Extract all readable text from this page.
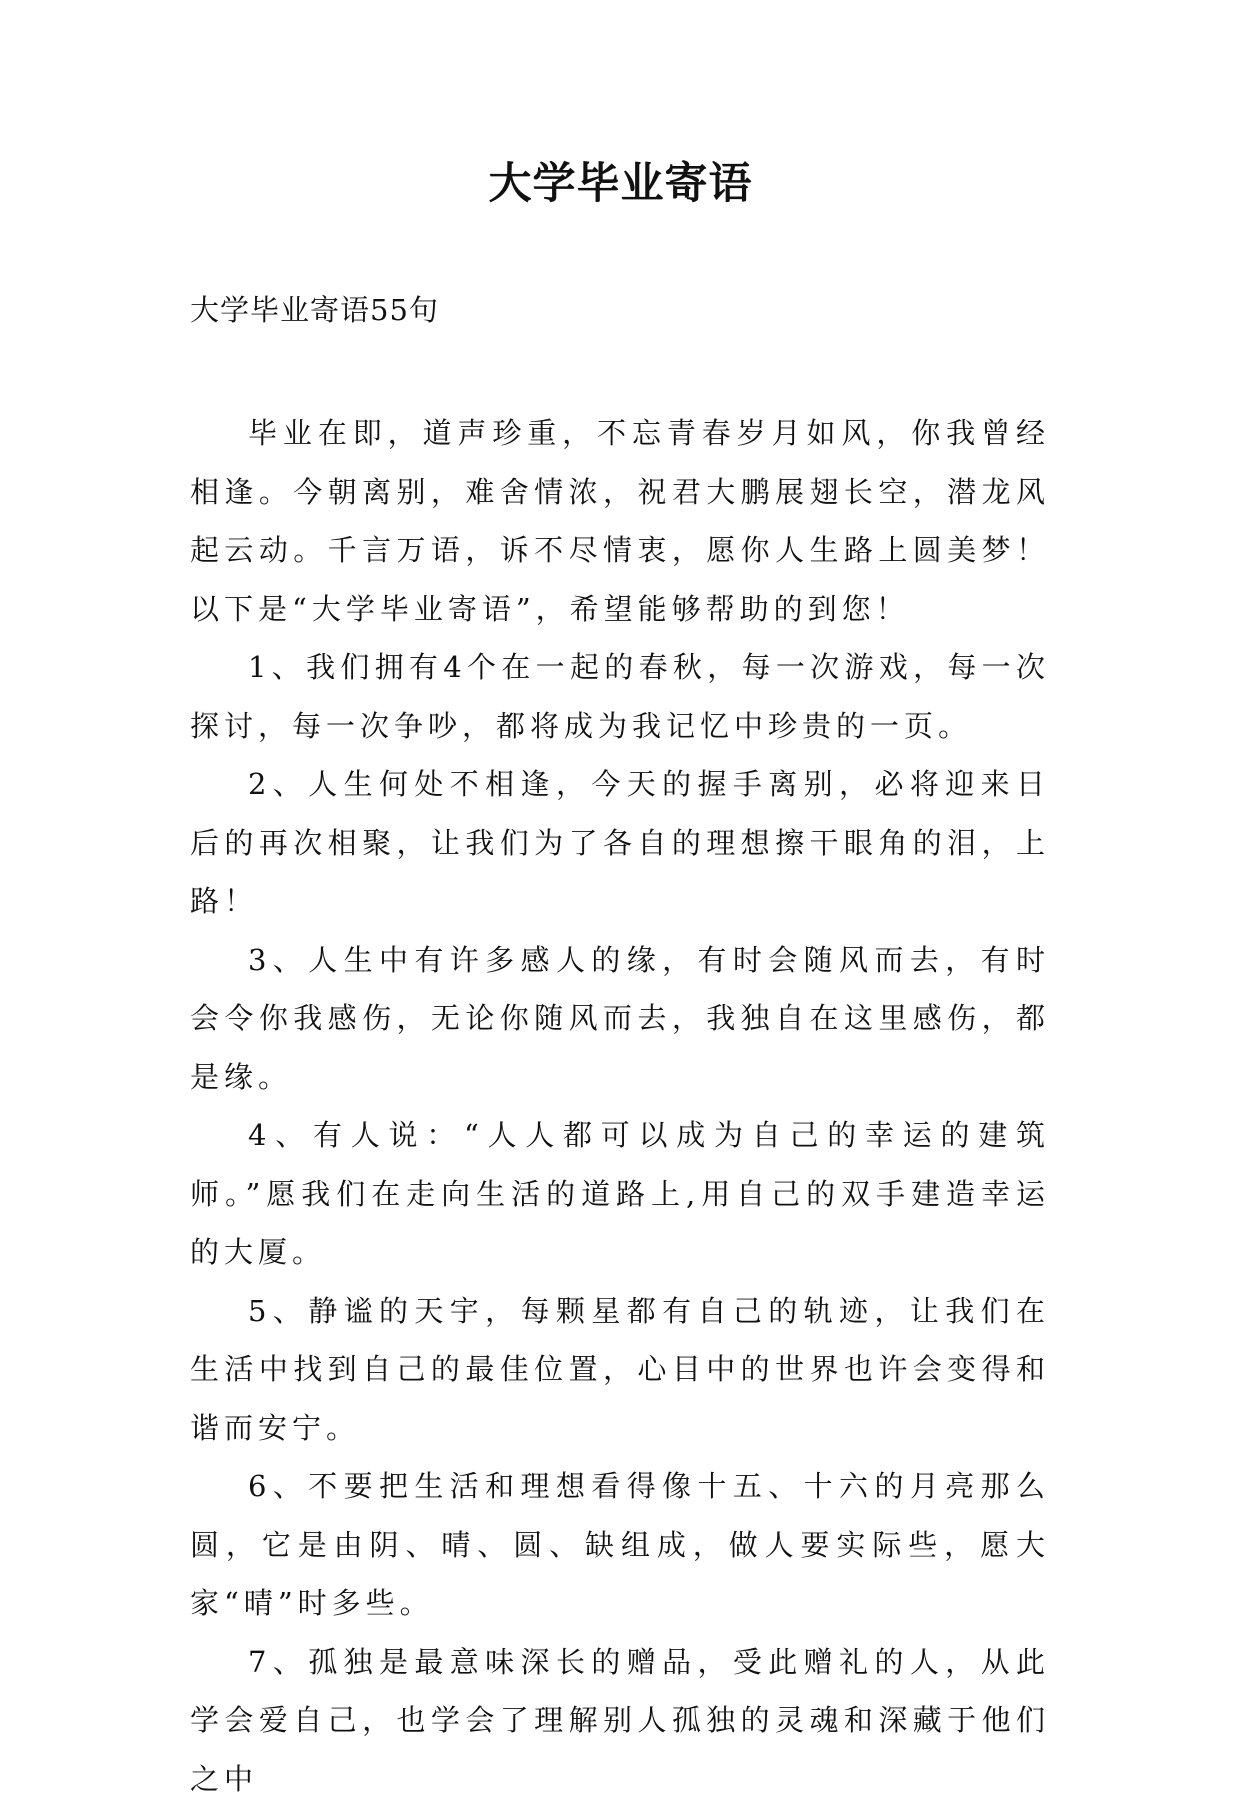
大学毕业寄语

大学毕业寄语55句

毕业在即，道声珍重，不忘青春岁月如风，你我曾经相逢。今朝离别，难舍情浓，祝君大鹏展翅长空，潜龙风起云动。千言万语，诉不尽情衷，愿你人生路上圆美梦！以下是“大学毕业寄语”，希望能够帮助的到您！

1、我们拥有4个在一起的春秋，每一次游戏，每一次探讨，每一次争吵，都将成为我记忆中珍贵的一页。

2、人生何处不相逢，今天的握手离别，必将迎来日后的再次相聚，让我们为了各自的理想擦干眼角的泪，上路！

3、人生中有许多感人的缘，有时会随风而去，有时会令你我感伤，无论你随风而去，我独自在这里感伤，都是缘。

4、有人说：“人人都可以成为自己的幸运的建筑师。”愿我们在走向生活的道路上,用自己的双手建造幸运的大厦。

5、静谧的天宇，每颗星都有自己的轨迹，让我们在生活中找到自己的最佳位置，心目中的世界也许会变得和谐而安宁。

6、不要把生活和理想看得像十五、十六的月亮那么圆，它是由阴、晴、圆、缺组成，做人要实际些，愿大家“晴”时多些。

7、孤独是最意味深长的赠品，受此赠礼的人，从此学会爱自己，也学会了理解别人孤独的灵魂和深藏于他们之中
